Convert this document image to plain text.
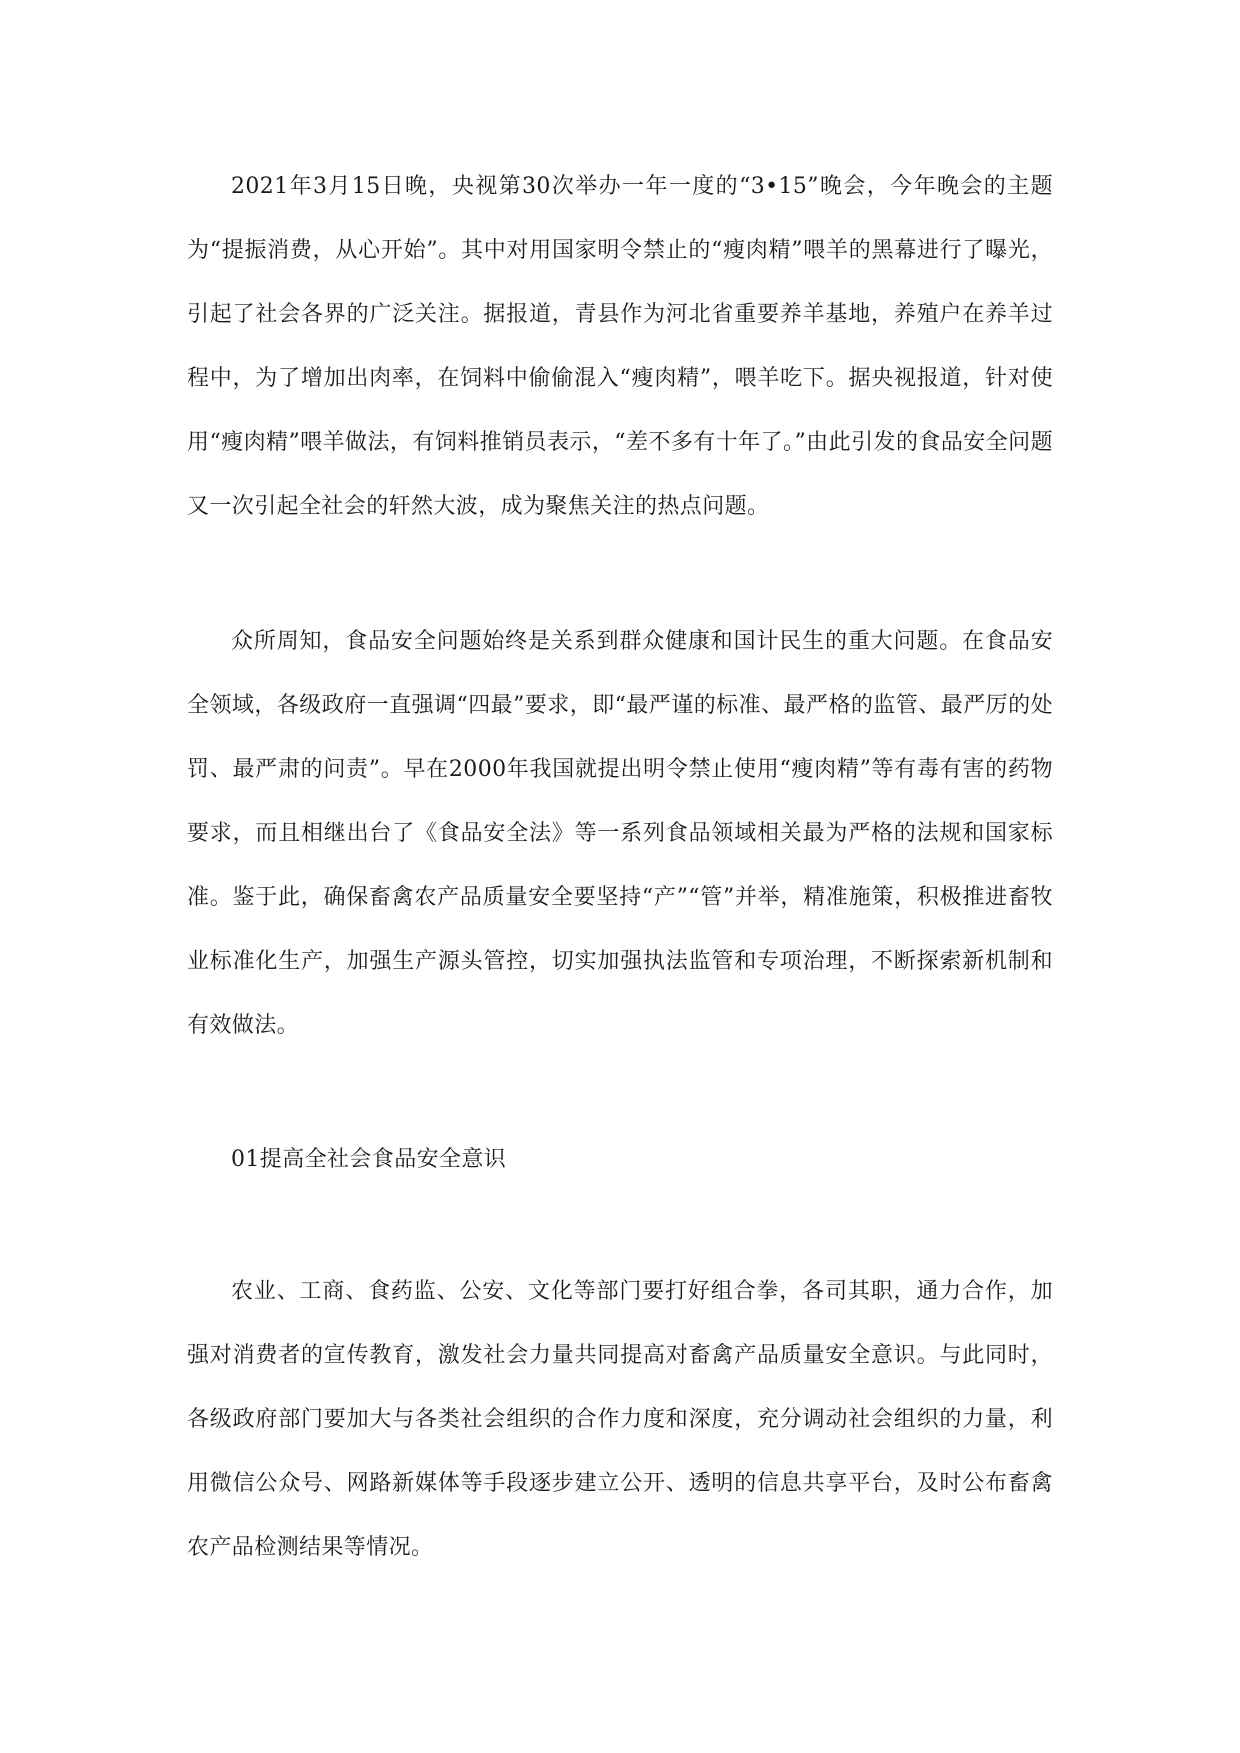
2021年3月15日晚，央视第30次举办一年一度的“3•15”晚会，今年晚会的主题为“提振消费，从心开始”。其中对用国家明令禁止的“瘦肉精”喂羊的黑幕进行了曝光，引起了社会各界的广泛关注。据报道，青县作为河北省重要养羊基地，养殖户在养羊过程中，为了增加出肉率，在饲料中偷偷混入“瘦肉精”，喂羊吃下。据央视报道，针对使用“瘦肉精”喂羊做法，有饲料推销员表示，“差不多有十年了。”由此引发的食品安全问题又一次引起全社会的轩然大波，成为聚焦关注的热点问题。

众所周知，食品安全问题始终是关系到群众健康和国计民生的重大问题。在食品安全领域，各级政府一直强调“四最”要求，即“最严谨的标准、最严格的监管、最严厉的处罚、最严肃的问责”。早在2000年我国就提出明令禁止使用“瘦肉精”等有毒有害的药物要求，而且相继出台了《食品安全法》等一系列食品领域相关最为严格的法规和国家标准。鉴于此，确保畜禽农产品质量安全要坚持“产”“管”并举，精准施策，积极推进畜牧业标准化生产，加强生产源头管控，切实加强执法监管和专项治理，不断探索新机制和有效做法。

01提高全社会食品安全意识

农业、工商、食药监、公安、文化等部门要打好组合拳，各司其职，通力合作，加强对消费者的宣传教育，激发社会力量共同提高对畜禽产品质量安全意识。与此同时，各级政府部门要加大与各类社会组织的合作力度和深度，充分调动社会组织的力量，利用微信公众号、网路新媒体等手段逐步建立公开、透明的信息共享平台，及时公布畜禽农产品检测结果等情况。
